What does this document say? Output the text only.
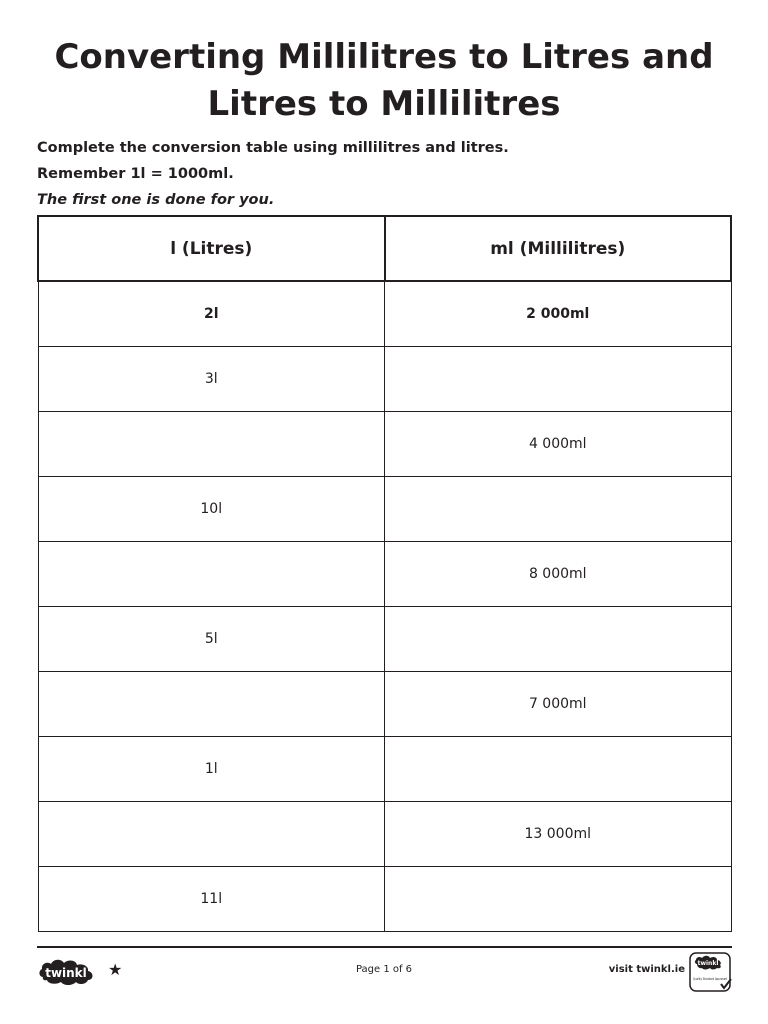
Converting Millilitres to Litres and Litres to Millilitres

Complete the conversion table using millilitres and litres.

Remember 1l = 1000ml.

The first one is done for you.

l (Litres)	ml (Millilitres)
2l	2 000ml
3l	
	4 000ml
10l	
	8 000ml
5l	
	7 000ml
1l	
	13 000ml
11l	
twinkl ★	Page 1 of 6	visit twinkl.ie
twinkl
Quality Standard Approved
